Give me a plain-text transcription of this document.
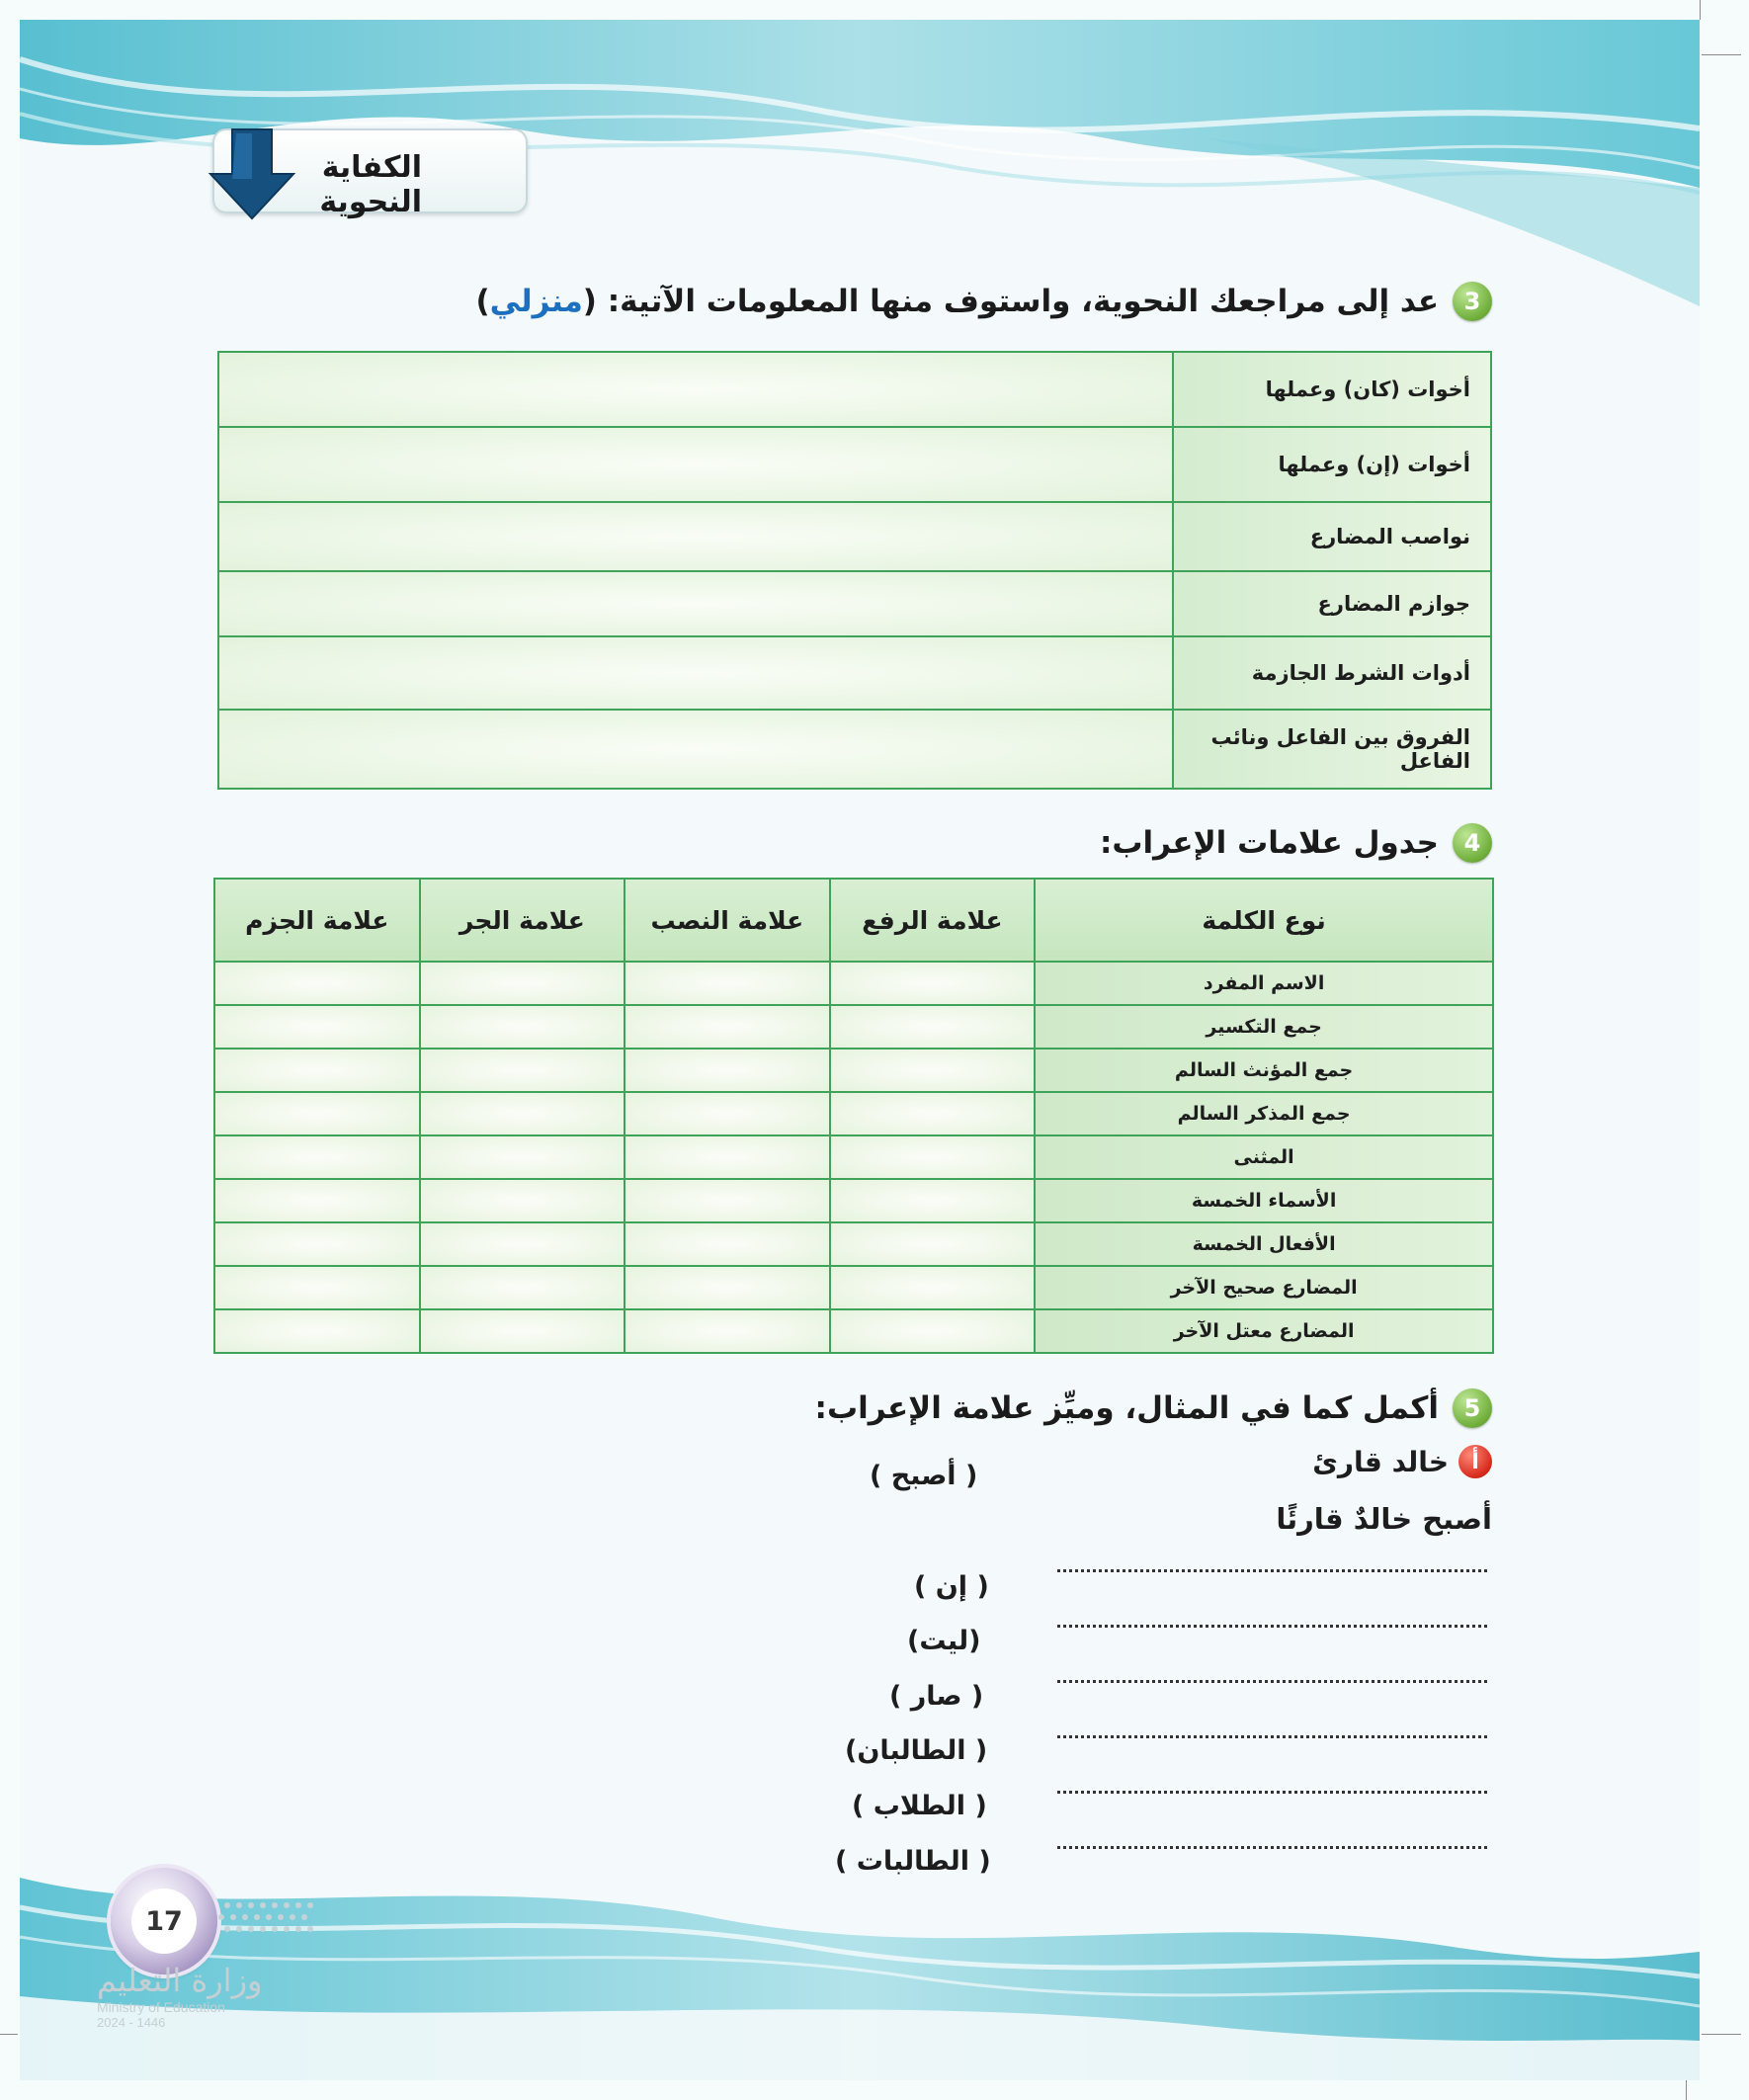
الكفاية النحوية
3
عد إلى مراجعك النحوية، واستوف منها المعلومات الآتية: (منزلي)
أخوات (كان) وعملها	
أخوات (إن) وعملها	
نواصب المضارع	
جوازم المضارع	
أدوات الشرط الجازمة	
الفروق بين الفاعل ونائب الفاعل	
4
جدول علامات الإعراب:
نوع الكلمة	علامة الرفع	علامة النصب	علامة الجر	علامة الجزم
الاسم المفرد				
جمع التكسير				
جمع المؤنث السالم				
جمع المذكر السالم				
المثنى				
الأسماء الخمسة				
الأفعال الخمسة				
المضارع صحيح الآخر				
المضارع معتل الآخر				
5
أكمل كما في المثال، وميِّز علامة الإعراب:
أ
خالد قارئ
( أصبح )
أصبح خالدٌ قارئًا
( إن )
(ليت)
( صار )
( الطالبان)
( الطلاب )
( الطالبات )
17
وزارة التعليم
Ministry of Education
2024 - 1446
